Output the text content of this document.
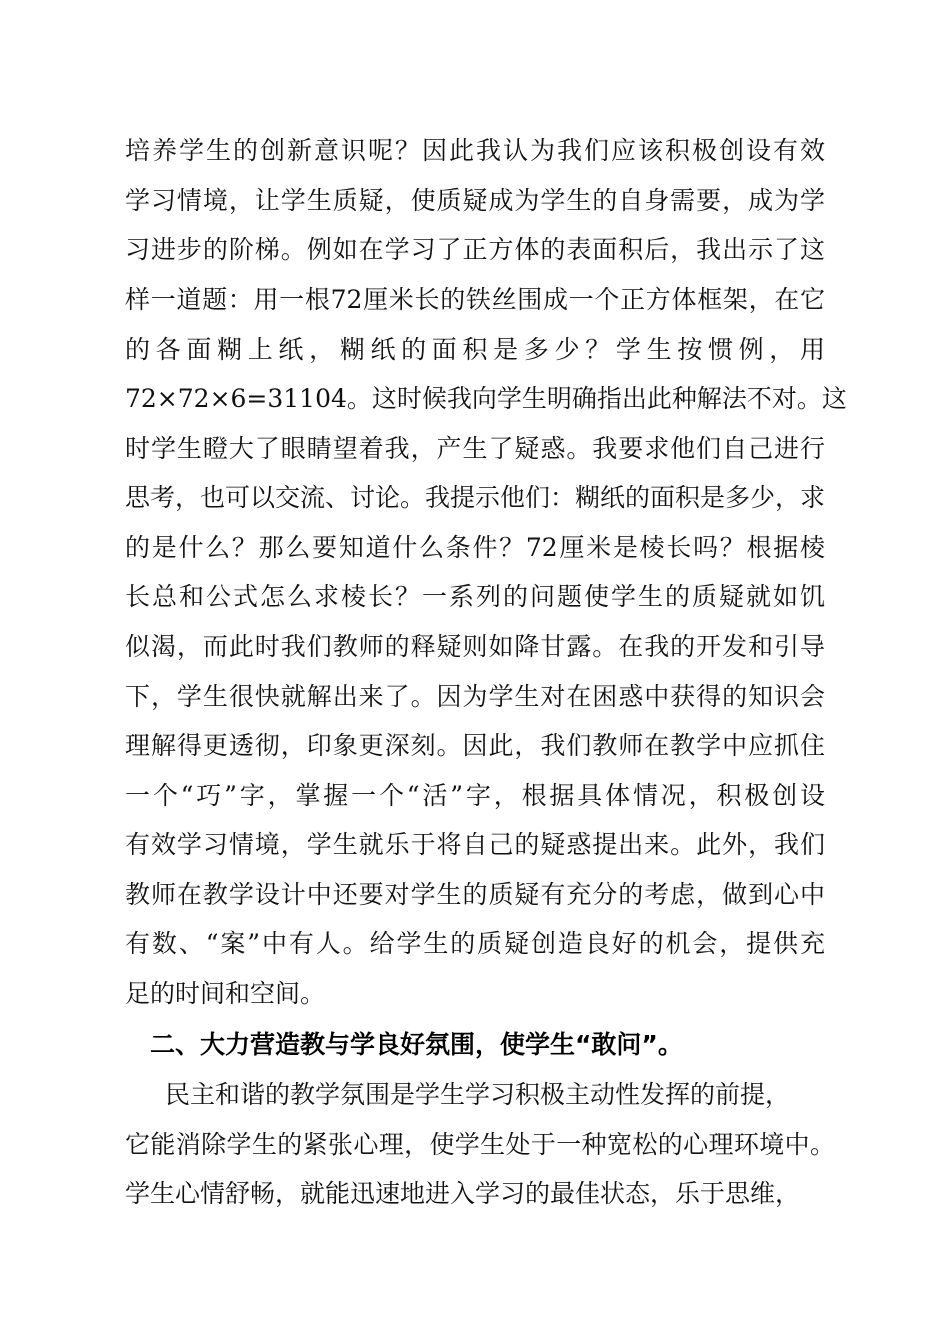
培养学生的创新意识呢？因此我认为我们应该积极创设有效
学习情境，让学生质疑，使质疑成为学生的自身需要，成为学
习进步的阶梯。例如在学习了正方体的表面积后，我出示了这
样一道题：用一根72厘米长的铁丝围成一个正方体框架，在它
的各面糊上纸，糊纸的面积是多少？学生按惯例，用
72×72×6=31104。这时候我向学生明确指出此种解法不对。这
时学生瞪大了眼睛望着我，产生了疑惑。我要求他们自己进行
思考，也可以交流、讨论。我提示他们：糊纸的面积是多少，求
的是什么？那么要知道什么条件？72厘米是棱长吗？根据棱
长总和公式怎么求棱长？一系列的问题使学生的质疑就如饥
似渴，而此时我们教师的释疑则如降甘露。在我的开发和引导
下，学生很快就解出来了。因为学生对在困惑中获得的知识会
理解得更透彻，印象更深刻。因此，我们教师在教学中应抓住
一个“巧”字，掌握一个“活”字，根据具体情况，积极创设
有效学习情境，学生就乐于将自己的疑惑提出来。此外，我们
教师在教学设计中还要对学生的质疑有充分的考虑，做到心中
有数、“案”中有人。给学生的质疑创造良好的机会，提供充
足的时间和空间。
二、大力营造教与学良好氛围，使学生“敢问”。
民主和谐的教学氛围是学生学习积极主动性发挥的前提，
它能消除学生的紧张心理，使学生处于一种宽松的心理环境中。
学生心情舒畅，就能迅速地进入学习的最佳状态，乐于思维，
